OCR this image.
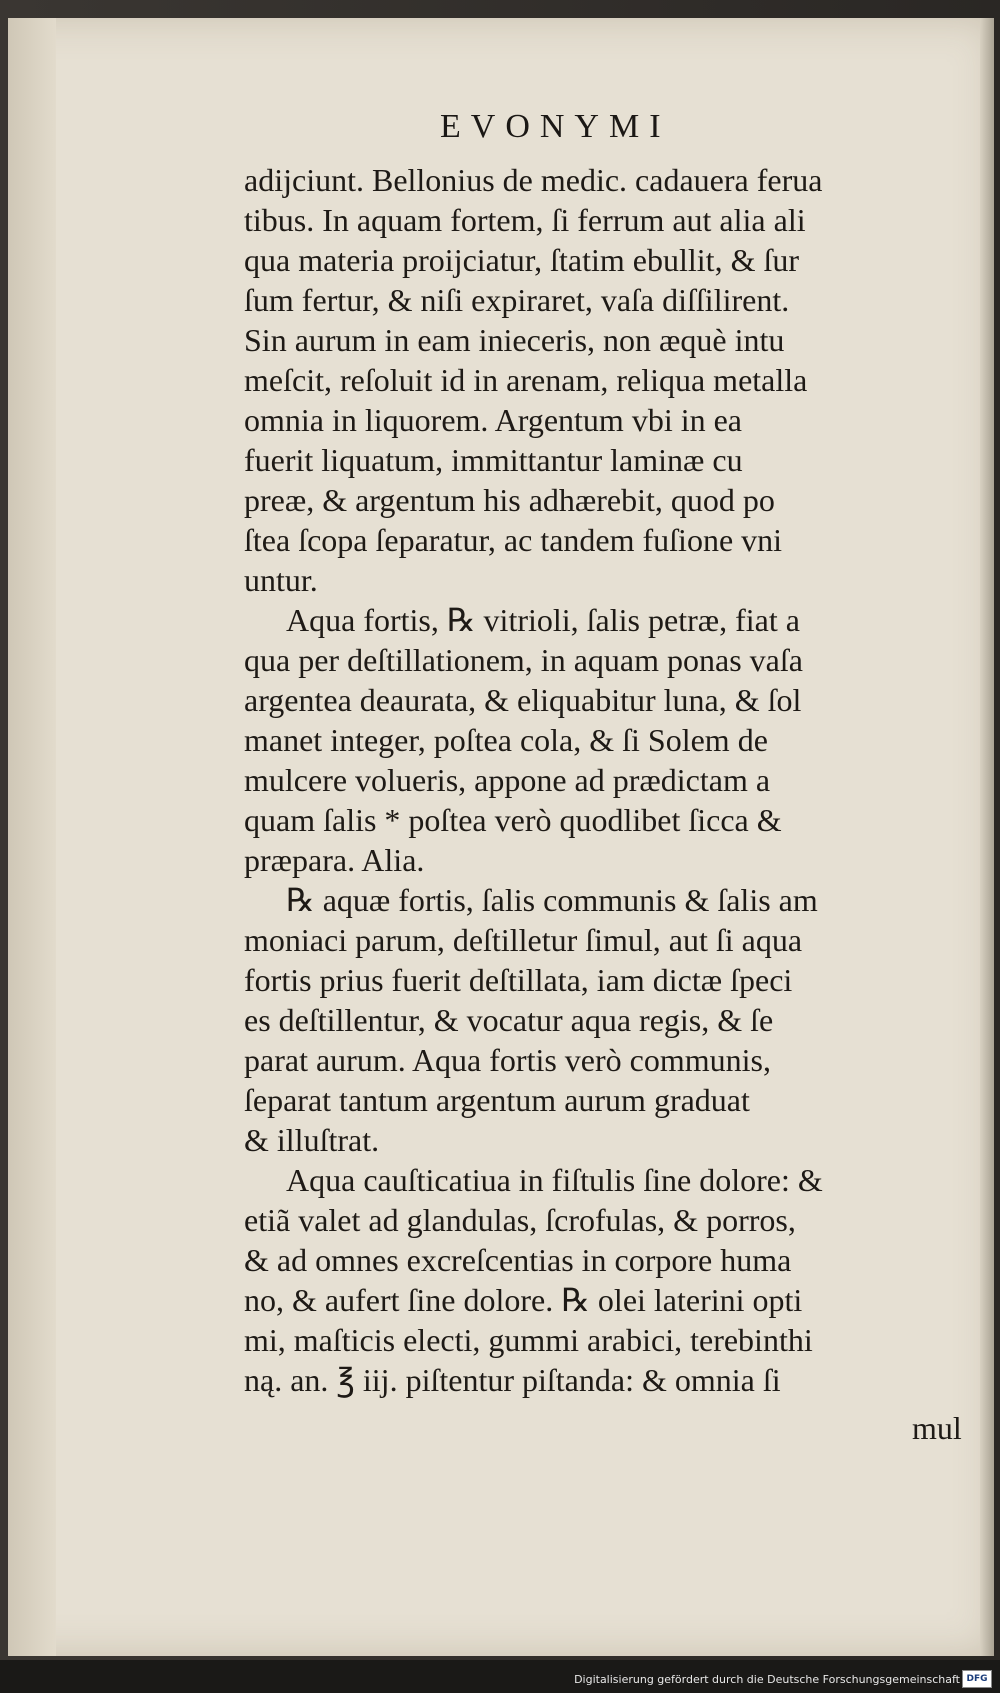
EVONYMI
adijciunt. Bellonius de medic. cadauera ferua
tibus. In aquam fortem, ſi ferrum aut alia ali
qua materia proijciatur, ſtatim ebullit, & ſur
ſum fertur, & niſi expiraret, vaſa diſſilirent.
Sin aurum in eam inieceris, non æquè intu
meſcit, reſoluit id in arenam, reliqua metalla
omnia in liquorem. Argentum vbi in ea
fuerit liquatum, immittantur laminæ cu
preæ, & argentum his adhærebit, quod po
ſtea ſcopa ſeparatur, ac tandem fuſione vni
untur.
Aqua fortis, ℞ vitrioli, ſalis petræ, fiat a
qua per deſtillationem, in aquam ponas vaſa
argentea deaurata, & eliquabitur luna, & ſol
manet integer, poſtea cola, & ſi Solem de
mulcere volueris, appone ad prædictam a
quam ſalis * poſtea verò quodlibet ſicca &
præpara. Alia.
℞ aquæ fortis, ſalis communis & ſalis am
moniaci parum, deſtilletur ſimul, aut ſi aqua
fortis prius fuerit deſtillata, iam dictæ ſpeci
es deſtillentur, & vocatur aqua regis, & ſe
parat aurum. Aqua fortis verò communis,
ſeparat tantum argentum aurum graduat
& illuſtrat.
Aqua cauſticatiua in fiſtulis ſine dolore: &
etiã valet ad glandulas, ſcrofulas, & porros,
& ad omnes excreſcentias in corpore huma
no, & aufert ſine dolore. ℞ olei laterini opti
mi, maſticis electi, gummi arabici, terebinthi
ną. an. ℥ iij. piſtentur piſtanda: & omnia ſi
mul
Digitalisierung gefördert durch die Deutsche Forschungsgemeinschaft DFG
